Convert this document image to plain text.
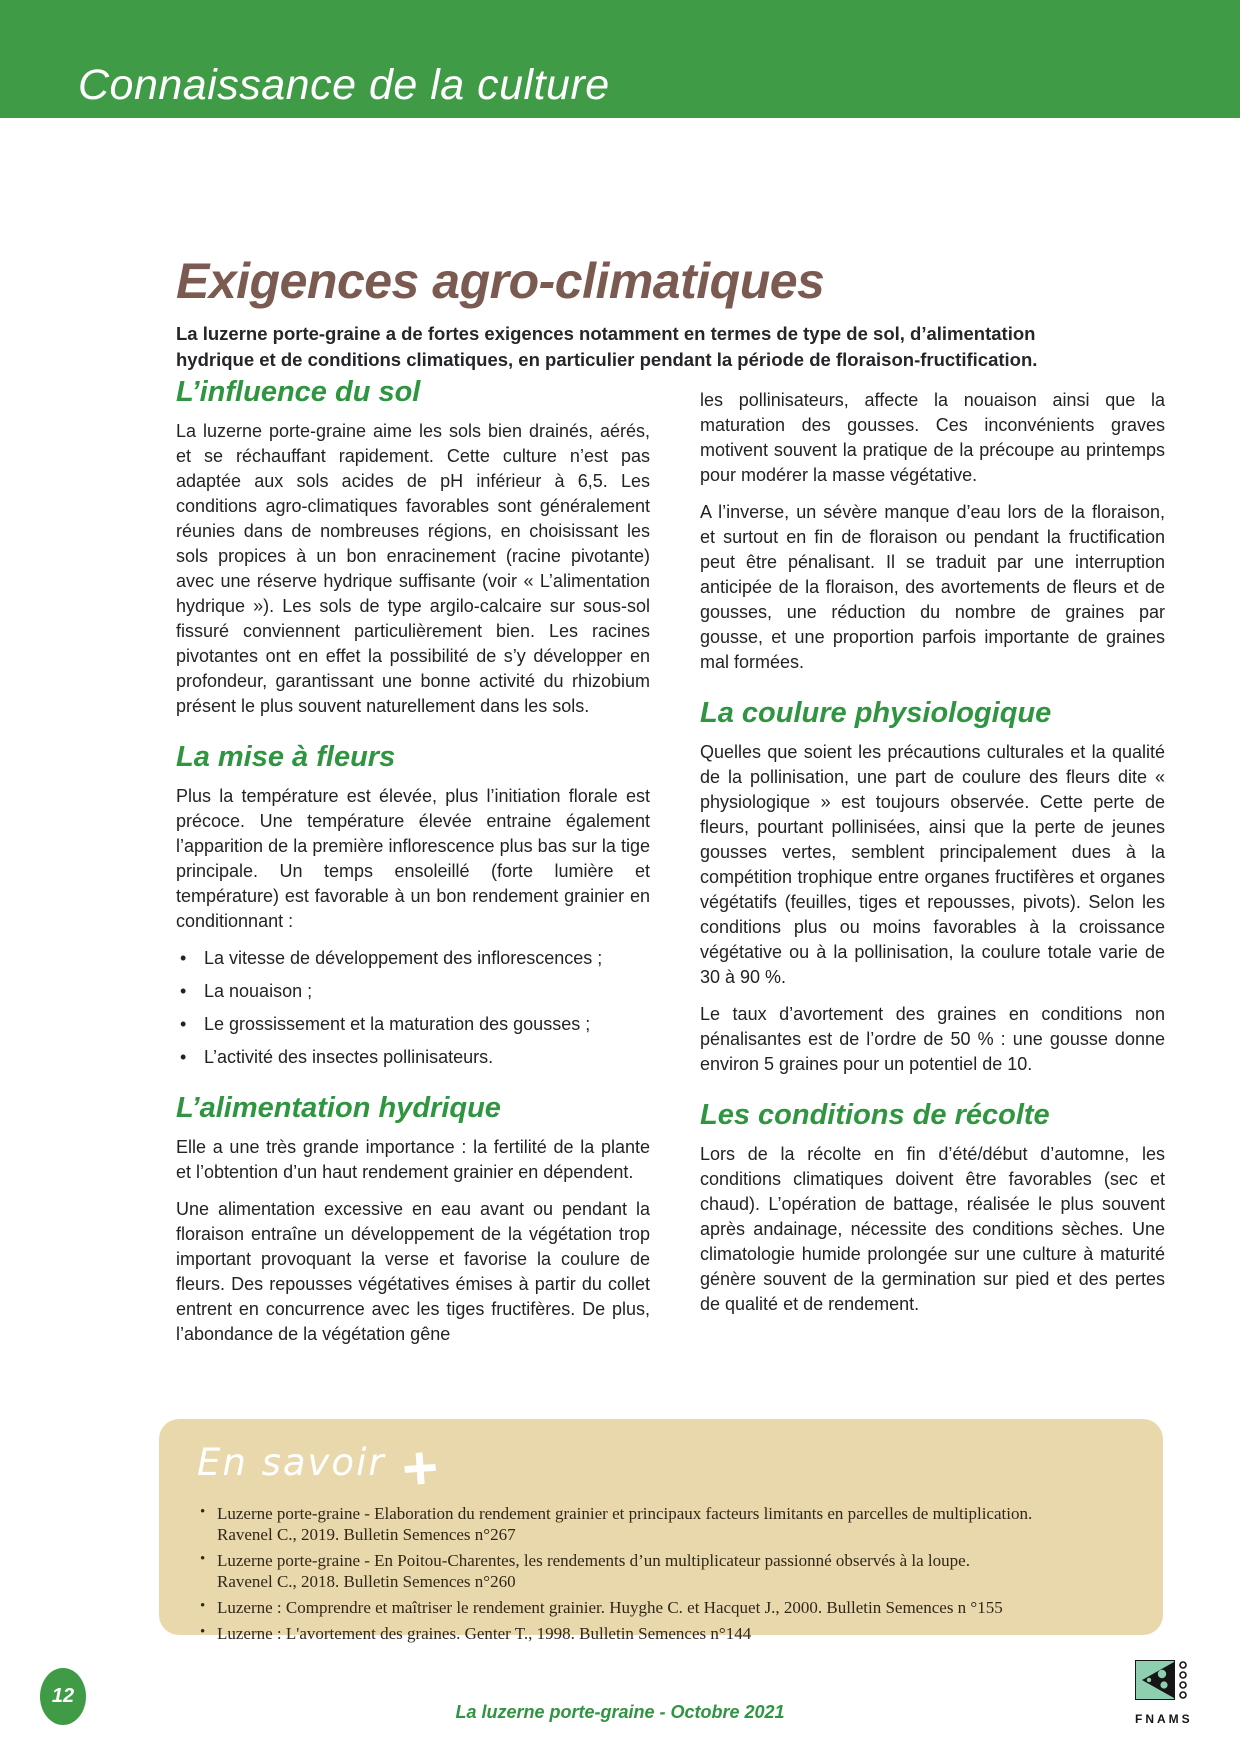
Connaissance de la culture
Exigences agro-climatiques

La luzerne porte-graine a de fortes exigences notamment en termes de type de sol, d’alimentation hydrique et de conditions climatiques, en particulier pendant la période de floraison-fructification.

L’influence du sol

La luzerne porte-graine aime les sols bien drainés, aérés, et se réchauffant rapidement. Cette culture n’est pas adaptée aux sols acides de pH inférieur à 6,5. Les conditions agro-climatiques favorables sont généralement réunies dans de nombreuses régions, en choisissant les sols propices à un bon enracinement (racine pivotante) avec une réserve hydrique suffisante (voir « L’alimentation hydrique »). Les sols de type argilo-calcaire sur sous-sol fissuré conviennent particulièrement bien. Les racines pivotantes ont en effet la possibilité de s’y développer en profondeur, garantissant une bonne activité du rhizobium présent le plus souvent naturellement dans les sols.

La mise à fleurs

Plus la température est élevée, plus l’initiation florale est précoce. Une température élevée entraine également l’apparition de la première inflorescence plus bas sur la tige principale. Un temps ensoleillé (forte lumière et température) est favorable à un bon rendement grainier en conditionnant :

• La vitesse de développement des inflorescences ;
• La nouaison ;
• Le grossissement et la maturation des gousses ;
• L’activité des insectes pollinisateurs.
L’alimentation hydrique

Elle a une très grande importance : la fertilité de la plante et l’obtention d’un haut rendement grainier en dépendent.

Une alimentation excessive en eau avant ou pendant la floraison entraîne un développement de la végétation trop important provoquant la verse et favorise la coulure de fleurs. Des repousses végétatives émises à partir du collet entrent en concurrence avec les tiges fructifères. De plus, l’abondance de la végétation gêne

les pollinisateurs, affecte la nouaison ainsi que la maturation des gousses. Ces inconvénients graves motivent souvent la pratique de la précoupe au printemps pour modérer la masse végétative.

A l’inverse, un sévère manque d’eau lors de la floraison, et surtout en fin de floraison ou pendant la fructification peut être pénalisant. Il se traduit par une interruption anticipée de la floraison, des avortements de fleurs et de gousses, une réduction du nombre de graines par gousse, et une proportion parfois importante de graines mal formées.

La coulure physiologique

Quelles que soient les précautions culturales et la qualité de la pollinisation, une part de coulure des fleurs dite « physiologique » est toujours observée. Cette perte de fleurs, pourtant pollinisées, ainsi que la perte de jeunes gousses vertes, semblent principalement dues à la compétition trophique entre organes fructifères et organes végétatifs (feuilles, tiges et repousses, pivots). Selon les conditions plus ou moins favorables à la croissance végétative ou à la pollinisation, la coulure totale varie de 30 à 90 %.

Le taux d’avortement des graines en conditions non pénalisantes est de l’ordre de 50 % : une gousse donne environ 5 graines pour un potentiel de 10.

Les conditions de récolte

Lors de la récolte en fin d’été/début d’automne, les conditions climatiques doivent être favorables (sec et chaud). L’opération de battage, réalisée le plus souvent après andainage, nécessite des conditions sèches. Une climatologie humide prolongée sur une culture à maturité génère souvent de la germination sur pied et des pertes de qualité et de rendement.

En savoir +
• Luzerne porte-graine - Elaboration du rendement grainier et principaux facteurs limitants en parcelles de multiplication.
Ravenel C., 2019. Bulletin Semences n°267
• Luzerne porte-graine - En Poitou-Charentes, les rendements d’un multiplicateur passionné observés à la loupe.
Ravenel C., 2018. Bulletin Semences n°260
• Luzerne : Comprendre et maîtriser le rendement grainier. Huyghe C. et Hacquet J., 2000. Bulletin Semences n °155
• Luzerne : L'avortement des graines. Genter T., 1998. Bulletin Semences n°144
12
La luzerne porte-graine - Octobre 2021	FNAMS
